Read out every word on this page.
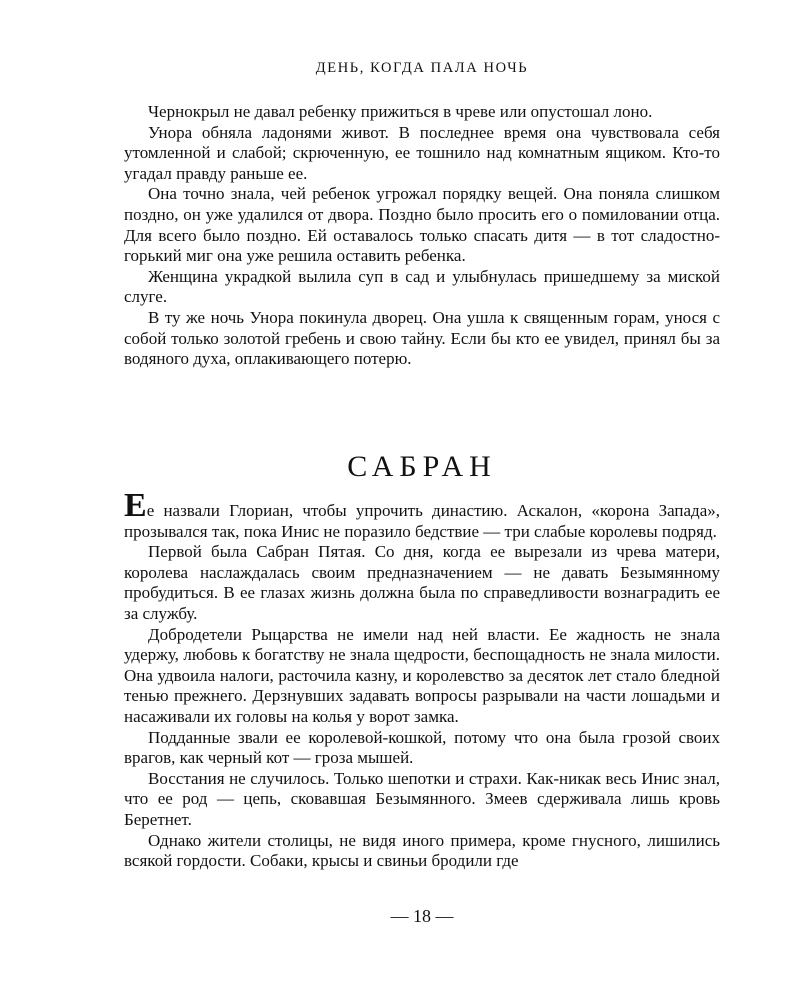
ДЕНЬ, КОГДА ПАЛА НОЧЬ

Чернокрыл не давал ребенку прижиться в чреве или опустошал лоно.

Унора обняла ладонями живот. В последнее время она чувствовала себя утомленной и слабой; скрюченную, ее тошнило над комнатным ящиком. Кто-то угадал правду раньше ее.

Она точно знала, чей ребенок угрожал порядку вещей. Она поняла слишком поздно, он уже удалился от двора. Поздно было просить его о помиловании отца. Для всего было поздно. Ей оставалось только спасать дитя — в тот сладостно-горький миг она уже решила оставить ребенка.

Женщина украдкой вылила суп в сад и улыбнулась пришедшему за миской слуге.

В ту же ночь Унора покинула дворец. Она ушла к священным горам, унося с собой только золотой гребень и свою тайну. Если бы кто ее увидел, принял бы за водяного духа, оплакивающего потерю.

САБРАН

Ее назвали Глориан, чтобы упрочить династию. Аскалон, «корона Запада», прозывался так, пока Инис не поразило бедствие — три слабые королевы подряд.

Первой была Сабран Пятая. Со дня, когда ее вырезали из чрева матери, королева наслаждалась своим предназначением — не давать Безымянному пробудиться. В ее глазах жизнь должна была по справедливости вознаградить ее за службу.

Добродетели Рыцарства не имели над ней власти. Ее жадность не знала удержу, любовь к богатству не знала щедрости, беспощадность не знала милости. Она удвоила налоги, расточила казну, и королевство за десяток лет стало бледной тенью прежнего. Дерзнувших задавать вопросы разрывали на части лошадьми и насаживали их головы на колья у ворот замка.

Подданные звали ее королевой-кошкой, потому что она была грозой своих врагов, как черный кот — гроза мышей.

Восстания не случилось. Только шепотки и страхи. Как-никак весь Инис знал, что ее род — цепь, сковавшая Безымянного. Змеев сдерживала лишь кровь Беретнет.

Однако жители столицы, не видя иного примера, кроме гнусного, лишились всякой гордости. Собаки, крысы и свиньи бродили где

— 18 —
